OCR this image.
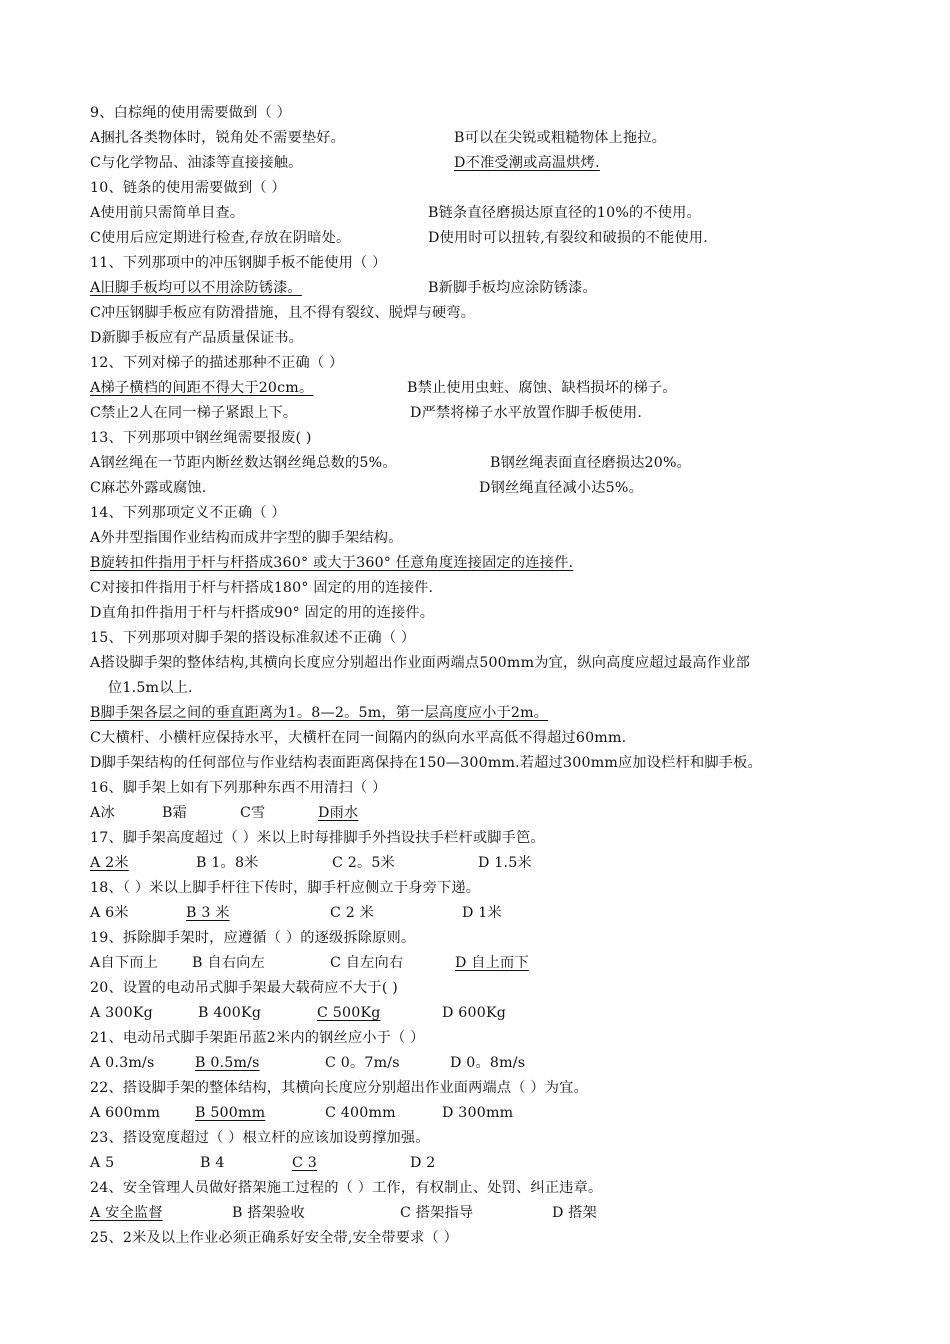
9、白棕绳的使用需要做到（ ）
A捆扎各类物体时，锐角处不需要垫好。	B可以在尖锐或粗糙物体上拖拉。
C与化学物品、油漆等直接接触。	D不准受潮或高温烘烤.
10、链条的使用需要做到（ ）
A使用前只需简单目查。	B链条直径磨损达原直径的10%的不使用。
C使用后应定期进行检查,存放在阴暗处。	D使用时可以扭转,有裂纹和破损的不能使用.
11、下列那项中的冲压钢脚手板不能使用（ ）
A旧脚手板均可以不用涂防锈漆。	B新脚手板均应涂防锈漆。
C冲压钢脚手板应有防滑措施，且不得有裂纹、脱焊与硬弯。
D新脚手板应有产品质量保证书。
12、下列对梯子的描述那种不正确（ ）
A梯子横档的间距不得大于20cm。	B禁止使用虫蛀、腐蚀、缺档损坏的梯子。
C禁止2人在同一梯子紧跟上下。	D严禁将梯子水平放置作脚手板使用.
13、下列那项中钢丝绳需要报废( )
A钢丝绳在一节距内断丝数达钢丝绳总数的5%。	B钢丝绳表面直径磨损达20%。
C麻芯外露或腐蚀.	D钢丝绳直径减小达5%。
14、下列那项定义不正确（ ）
A外井型指围作业结构而成井字型的脚手架结构。
B旋转扣件指用于杆与杆搭成360° 或大于360° 任意角度连接固定的连接件.
C对接扣件指用于杆与杆搭成180° 固定的用的连接件.
D直角扣件指用于杆与杆搭成90° 固定的用的连接件。
15、下列那项对脚手架的搭设标准叙述不正确（ ）
A搭设脚手架的整体结构,其横向长度应分别超出作业面两端点500mm为宜，纵向高度应超过最高作业部
位1.5m以上.
B脚手架各层之间的垂直距离为1。8—2。5m，第一层高度应小于2m。
C大横杆、小横杆应保持水平，大横杆在同一间隔内的纵向水平高低不得超过60mm.
D脚手架结构的任何部位与作业结构表面距离保持在150—300mm.若超过300mm应加设栏杆和脚手板。
16、脚手架上如有下列那种东西不用清扫（ ）
A冰	B霜	C雪	D雨水
17、脚手架高度超过（ ）米以上时每排脚手外挡设扶手栏杆或脚手笆。
A 2米	B 1。8米	C 2。5米	D 1.5米
18、（ ）米以上脚手杆往下传时，脚手杆应侧立于身旁下递。
A 6米	B 3 米	C 2 米	D 1米
19、拆除脚手架时，应遵循（ ）的逐级拆除原则。
A自下而上 B 自右向左	C 自左向右	D 自上而下
20、设置的电动吊式脚手架最大载荷应不大于( )
A 300Kg	B 400Kg	C 500Kg	D 600Kg
21、电动吊式脚手架距吊蓝2米内的钢丝应小于（ ）
A 0.3m/s	B 0.5m/s	C 0。7m/s	D 0。8m/s
22、搭设脚手架的整体结构，其横向长度应分别超出作业面两端点（ ）为宜。
A 600mm B 500mm	C 400mm	D 300mm
23、搭设宽度超过（ ）根立杆的应该加设剪撑加强。
A 5	B 4	C 3	D 2
24、安全管理人员做好搭架施工过程的（ ）工作，有权制止、处罚、纠正违章。
A 安全监督	B 搭架验收	C 搭架指导	D 搭架
25、2米及以上作业必须正确系好安全带,安全带要求（ ）
